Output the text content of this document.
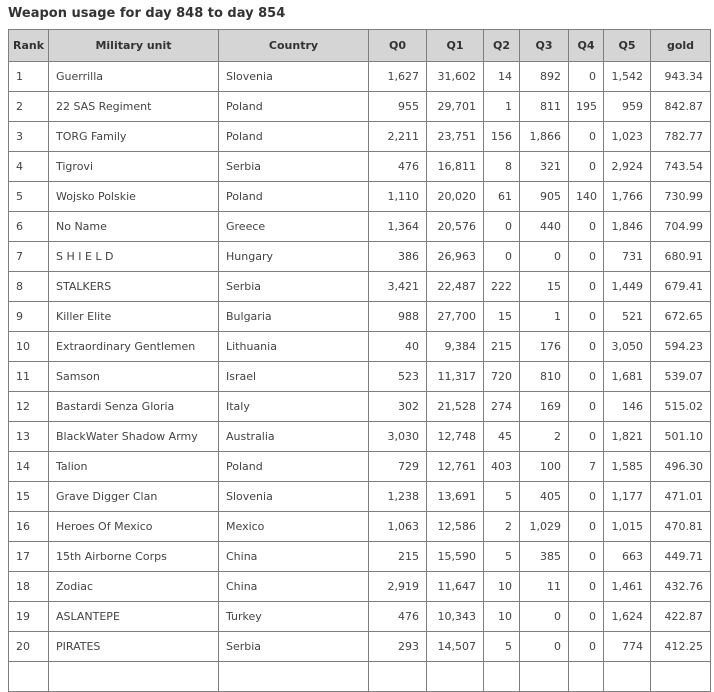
Weapon usage for day 848 to day 854
Rank	Military unit	Country	Q0	Q1	Q2	Q3	Q4	Q5	gold
1	Guerrilla	Slovenia	1,627	31,602	14	892	0	1,542	943.34
2	22 SAS Regiment	Poland	955	29,701	1	811	195	959	842.87
3	TORG Family	Poland	2,211	23,751	156	1,866	0	1,023	782.77
4	Tigrovi	Serbia	476	16,811	8	321	0	2,924	743.54
5	Wojsko Polskie	Poland	1,110	20,020	61	905	140	1,766	730.99
6	No Name	Greece	1,364	20,576	0	440	0	1,846	704.99
7	S H I E L D	Hungary	386	26,963	0	0	0	731	680.91
8	STALKERS	Serbia	3,421	22,487	222	15	0	1,449	679.41
9	Killer Elite	Bulgaria	988	27,700	15	1	0	521	672.65
10	Extraordinary Gentlemen	Lithuania	40	9,384	215	176	0	3,050	594.23
11	Samson	Israel	523	11,317	720	810	0	1,681	539.07
12	Bastardi Senza Gloria	Italy	302	21,528	274	169	0	146	515.02
13	BlackWater Shadow Army	Australia	3,030	12,748	45	2	0	1,821	501.10
14	Talion	Poland	729	12,761	403	100	7	1,585	496.30
15	Grave Digger Clan	Slovenia	1,238	13,691	5	405	0	1,177	471.01
16	Heroes Of Mexico	Mexico	1,063	12,586	2	1,029	0	1,015	470.81
17	15th Airborne Corps	China	215	15,590	5	385	0	663	449.71
18	Zodiac	China	2,919	11,647	10	11	0	1,461	432.76
19	ASLANTEPE	Turkey	476	10,343	10	0	0	1,624	422.87
20	PIRATES	Serbia	293	14,507	5	0	0	774	412.25
